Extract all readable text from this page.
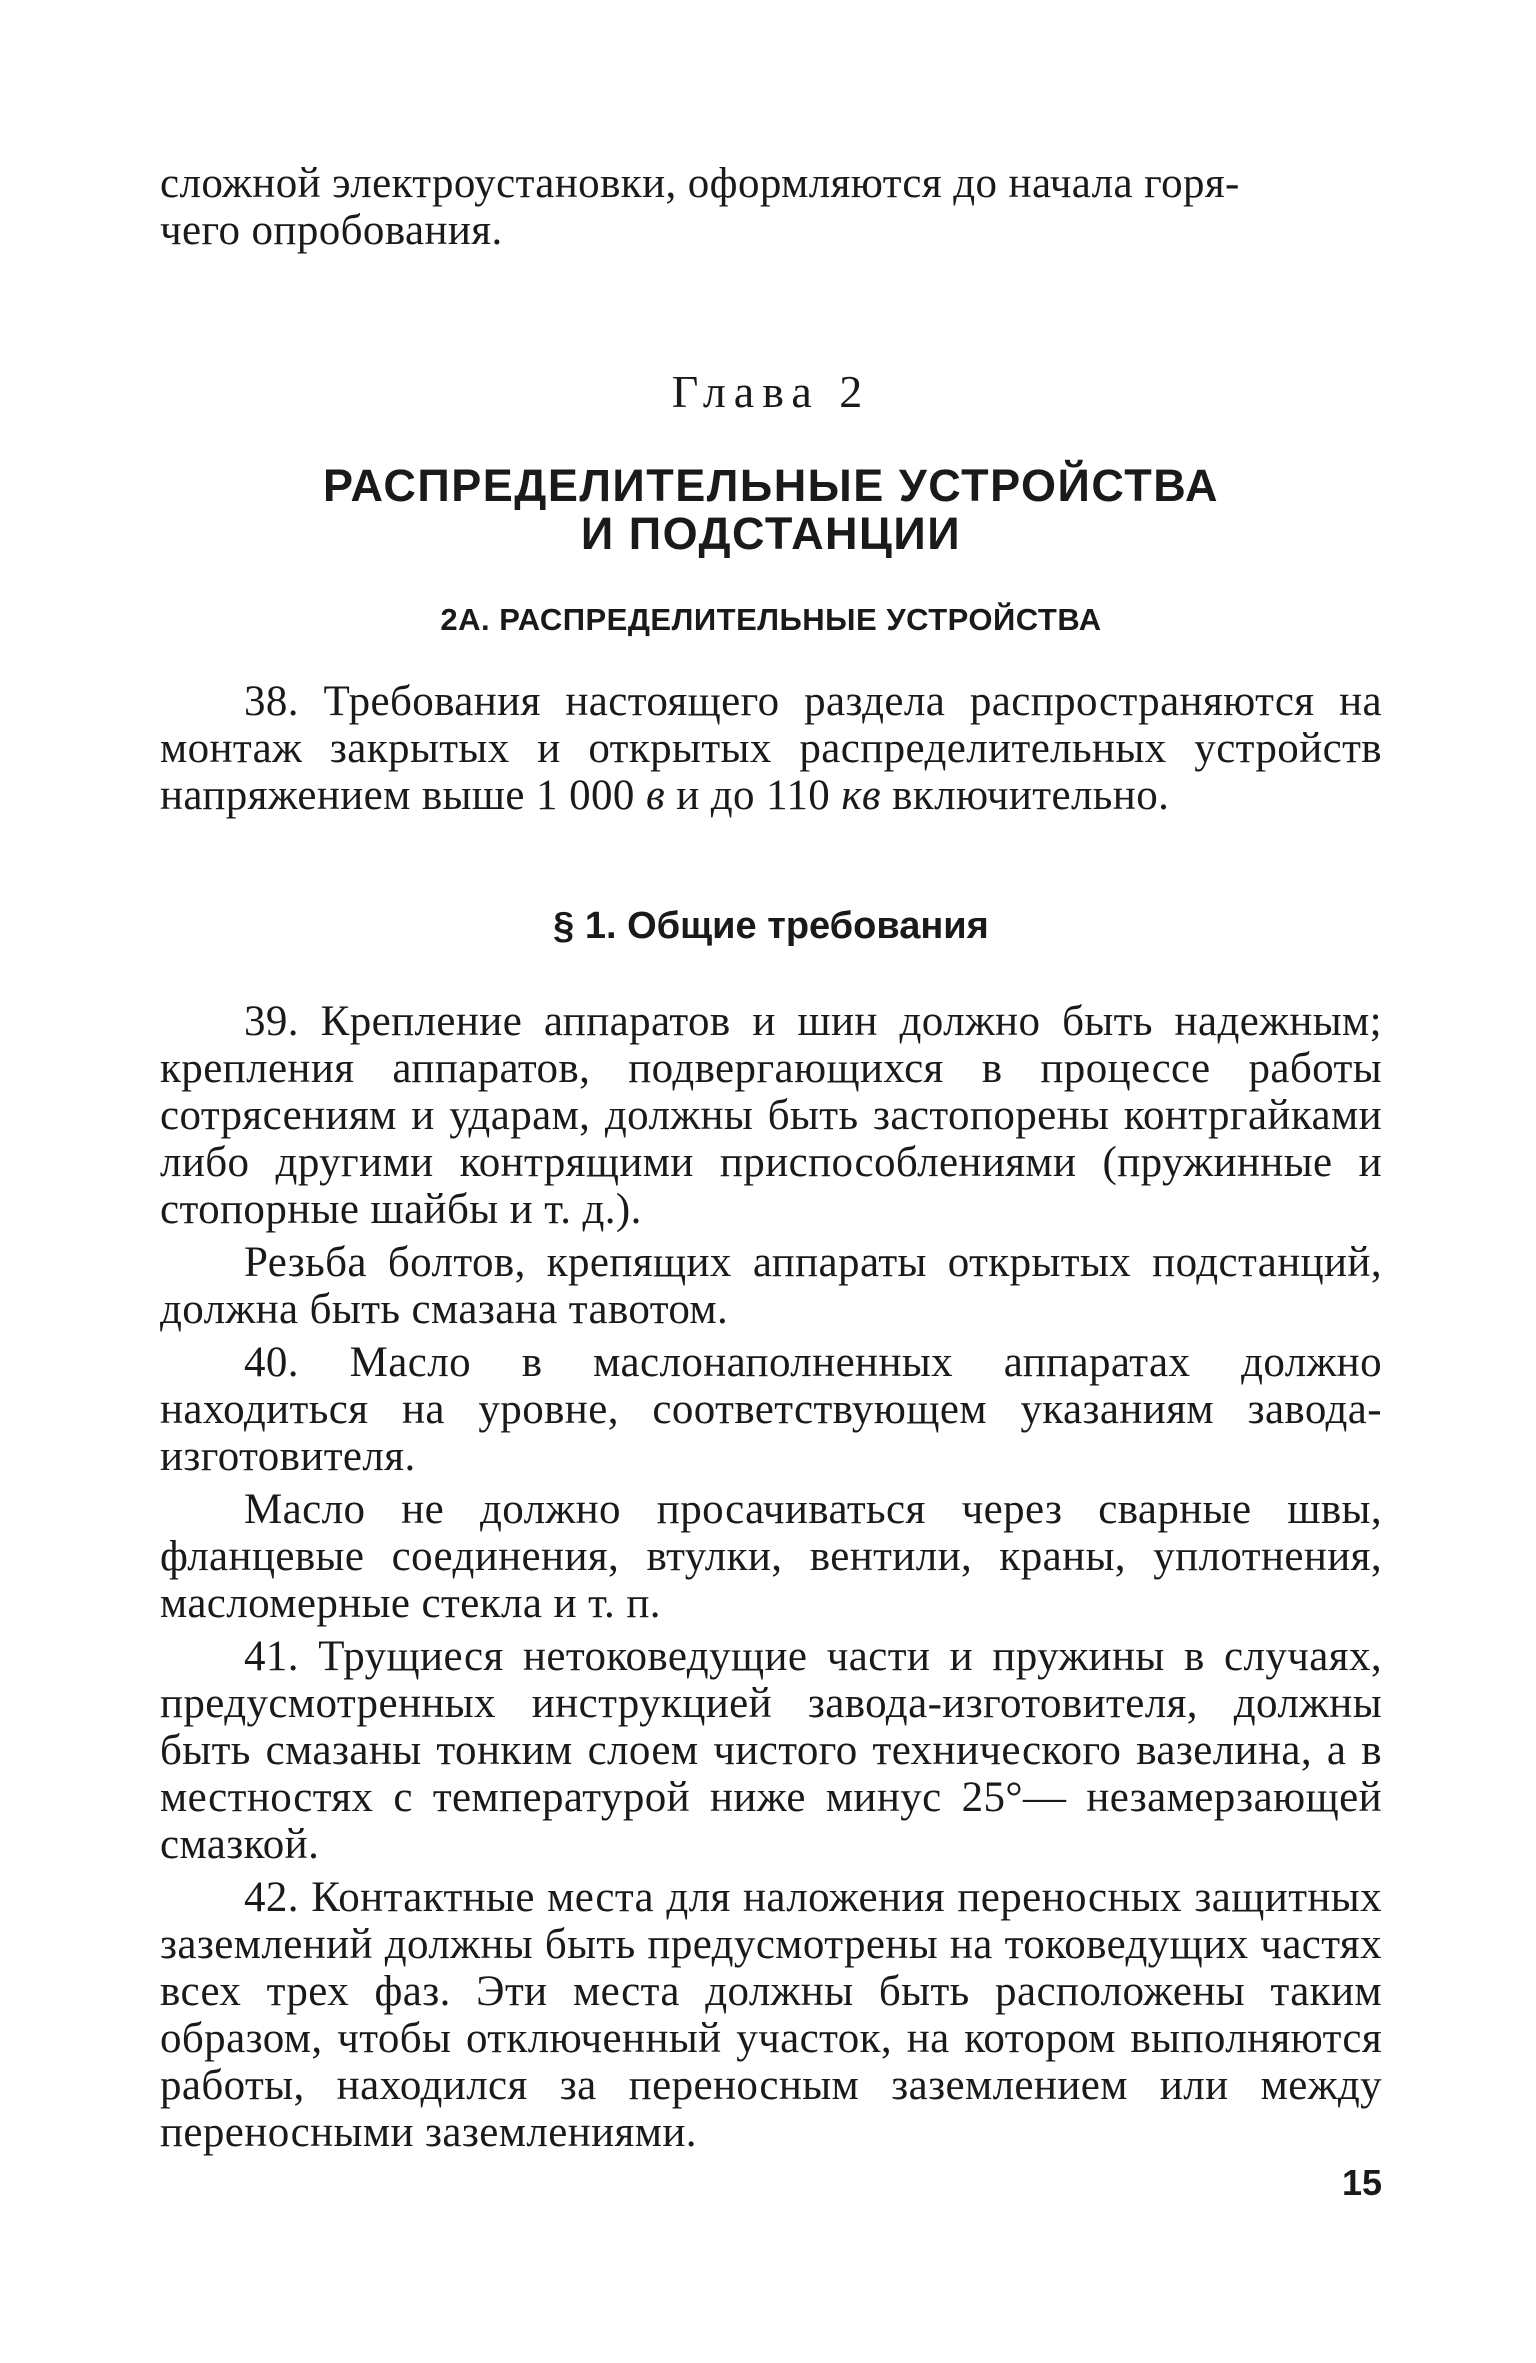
сложной электроустановки, оформляются до начала горя-

чего опробования.

Глава 2

РАСПРЕДЕЛИТЕЛЬНЫЕ УСТРОЙСТВА
И ПОДСТАНЦИИ

2А. РАСПРЕДЕЛИТЕЛЬНЫЕ УСТРОЙСТВА

38. Требования настоящего раздела распространяются на монтаж закрытых и открытых распределительных устройств напряжением выше 1 000 в и до 110 кв включительно.

§ 1. Общие требования

39. Крепление аппаратов и шин должно быть надежным; крепления аппаратов, подвергающихся в процессе работы сотрясениям и ударам, должны быть застопорены контргайками либо другими контрящими приспособлениями (пружинные и стопорные шайбы и т. д.).

Резьба болтов, крепящих аппараты открытых подстанций, должна быть смазана тавотом.

40. Масло в маслонаполненных аппаратах должно находиться на уровне, соответствующем указаниям завода-изготовителя.

Масло не должно просачиваться через сварные швы, фланцевые соединения, втулки, вентили, краны, уплотнения, масломерные стекла и т. п.

41. Трущиеся нетоковедущие части и пружины в случаях, предусмотренных инструкцией завода-изготовителя, должны быть смазаны тонким слоем чистого технического вазелина, а в местностях с температурой ниже минус 25°— незамерзающей смазкой.

42. Контактные места для наложения переносных защитных заземлений должны быть предусмотрены на токоведущих частях всех трех фаз. Эти места должны быть расположены таким образом, чтобы отключенный участок, на котором выполняются работы, находился за переносным заземлением или между переносными заземлениями.

15
